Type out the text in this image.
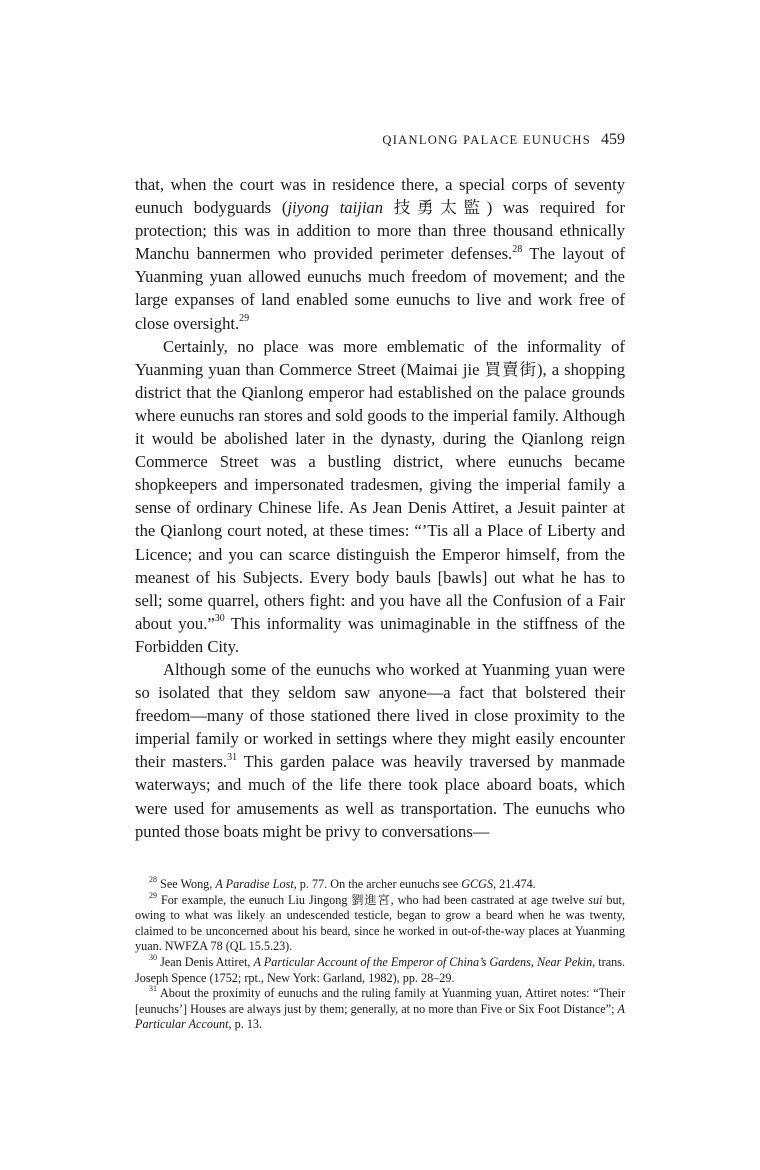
QIANLONG PALACE EUNUCHS 459

that, when the court was in residence there, a special corps of seventy eunuch bodyguards (jiyong taijian 技勇太監) was required for protection; this was in addition to more than three thousand ethnically Manchu bannermen who provided perimeter defenses.$^{28}$ The layout of Yuanming yuan allowed eunuchs much freedom of movement; and the large expanses of land enabled some eunuchs to live and work free of close oversight.$^{29}$

Certainly, no place was more emblematic of the informality of Yuanming yuan than Commerce Street (Maimai jie 買賣街), a shopping district that the Qianlong emperor had established on the palace grounds where eunuchs ran stores and sold goods to the imperial family. Although it would be abolished later in the dynasty, during the Qianlong reign Commerce Street was a bustling district, where eunuchs became shopkeepers and impersonated tradesmen, giving the imperial family a sense of ordinary Chinese life. As Jean Denis Attiret, a Jesuit painter at the Qianlong court noted, at these times: “’Tis all a Place of Liberty and Licence; and you can scarce distinguish the Emperor himself, from the meanest of his Subjects. Every body bauls [bawls] out what he has to sell; some quarrel, others fight: and you have all the Confusion of a Fair about you.”$^{30}$ This informality was unimaginable in the stiffness of the Forbidden City.

Although some of the eunuchs who worked at Yuanming yuan were so isolated that they seldom saw anyone—a fact that bolstered their freedom—many of those stationed there lived in close proximity to the imperial family or worked in settings where they might easily encounter their masters.$^{31}$ This garden palace was heavily traversed by manmade waterways; and much of the life there took place aboard boats, which were used for amusements as well as transportation. The eunuchs who punted those boats might be privy to conversations—

$^{28}$ See Wong, A Paradise Lost, p. 77. On the archer eunuchs see GCGS, 21.474.

$^{29}$ For example, the eunuch Liu Jingong 劉進宮, who had been castrated at age twelve sui but, owing to what was likely an undescended testicle, began to grow a beard when he was twenty, claimed to be unconcerned about his beard, since he worked in out-of-the-way places at Yuanming yuan. NWFZA 78 (QL 15.5.23).

$^{30}$ Jean Denis Attiret, A Particular Account of the Emperor of China’s Gardens, Near Pekin, trans. Joseph Spence (1752; rpt., New York: Garland, 1982), pp. 28–29.

$^{31}$ About the proximity of eunuchs and the ruling family at Yuanming yuan, Attiret notes: “Their [eunuchs’] Houses are always just by them; generally, at no more than Five or Six Foot Distance”; A Particular Account, p. 13.
